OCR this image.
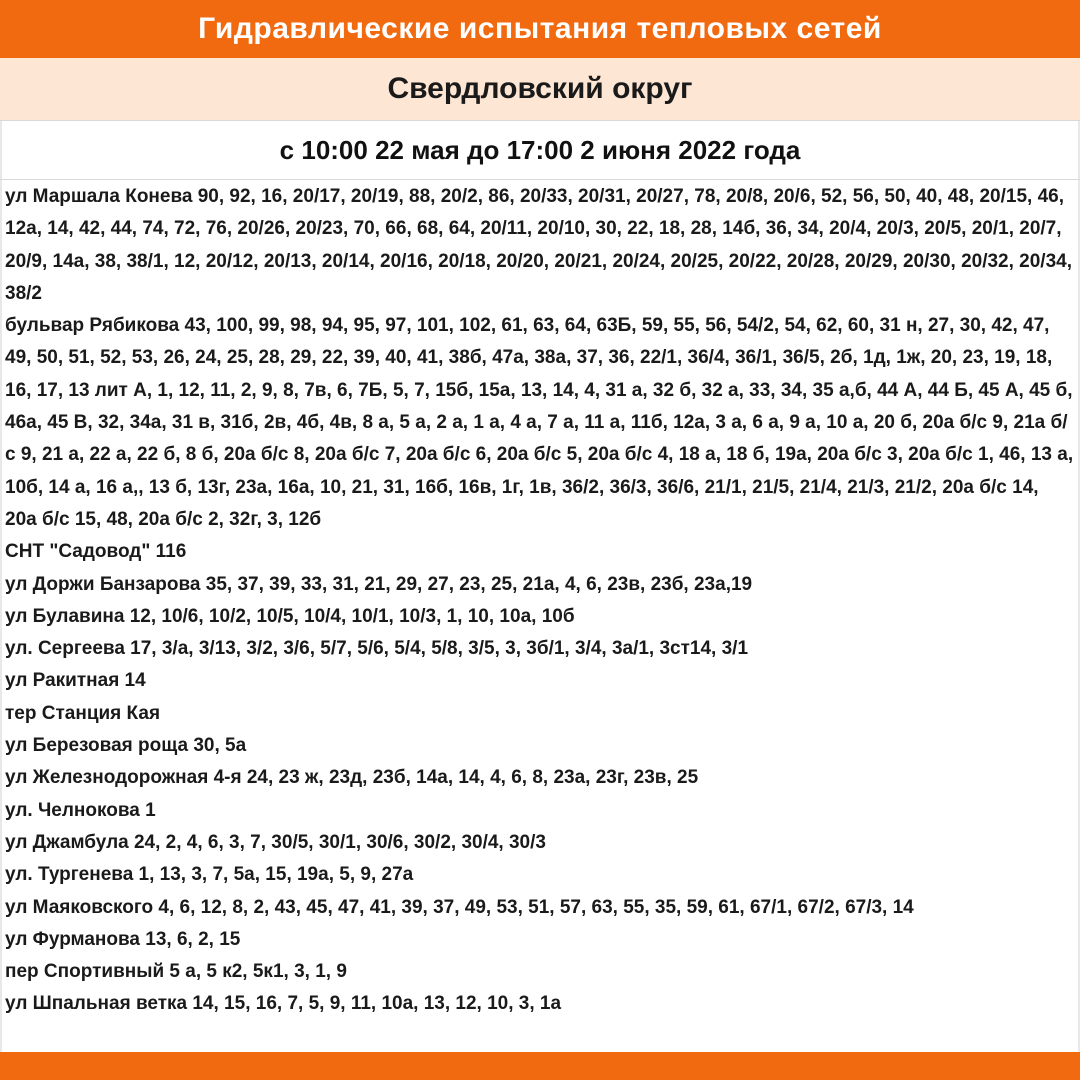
Гидравлические испытания тепловых сетей
Свердловский округ
с 10:00 22 мая до 17:00 2 июня 2022 года
ул Маршала Конева 90, 92, 16, 20/17, 20/19, 88, 20/2, 86, 20/33, 20/31, 20/27, 78, 20/8, 20/6, 52, 56, 50, 40, 48, 20/15, 46, 12а, 14, 42, 44, 74, 72, 76, 20/26, 20/23, 70, 66, 68, 64, 20/11, 20/10, 30, 22, 18, 28, 14б, 36, 34, 20/4, 20/3, 20/5, 20/1, 20/7, 20/9, 14а, 38, 38/1, 12, 20/12, 20/13, 20/14, 20/16, 20/18, 20/20, 20/21, 20/24, 20/25, 20/22, 20/28, 20/29, 20/30, 20/32, 20/34, 38/2
бульвар Рябикова 43, 100, 99, 98, 94, 95, 97, 101, 102, 61, 63, 64, 63Б, 59, 55, 56, 54/2, 54, 62, 60, 31 н, 27, 30, 42, 47, 49, 50, 51, 52, 53, 26, 24, 25, 28, 29, 22, 39, 40, 41, 38б, 47а, 38а, 37, 36, 22/1, 36/4, 36/1, 36/5, 2б, 1д, 1ж, 20, 23, 19, 18, 16, 17, 13 лит А, 1, 12, 11, 2, 9, 8, 7в, 6, 7Б, 5, 7, 15б, 15а, 13, 14, 4, 31 а, 32 б, 32 а, 33, 34, 35 а,б, 44 А, 44 Б, 45 А, 45 б, 46а, 45 В, 32, 34а, 31 в, 31б, 2в, 4б, 4в, 8 а, 5 а, 2 а, 1 а, 4 а, 7 а, 11 а, 11б, 12а, 3 а, 6 а, 9 а, 10 а, 20 б, 20а б/с 9, 21а б/с 9, 21 а, 22 а, 22 б, 8 б, 20а б/с 8, 20а б/с 7, 20а б/с 6, 20а б/с 5, 20а б/с 4, 18 а, 18 б, 19а, 20а б/с 3, 20а б/с 1, 46, 13 а, 10б, 14 а, 16 а,, 13 б, 13г, 23а, 16а, 10, 21, 31, 16б, 16в, 1г, 1в, 36/2, 36/3, 36/6, 21/1, 21/5, 21/4, 21/3, 21/2, 20а б/с 14, 20а б/с 15, 48, 20а б/с 2, 32г, 3, 12б
СНТ "Садовод" 116
ул Доржи Банзарова 35, 37, 39, 33, 31, 21, 29, 27, 23, 25, 21а, 4, 6, 23в, 23б, 23а,19
ул Булавина 12, 10/6, 10/2, 10/5, 10/4, 10/1, 10/3, 1, 10, 10а, 10б
ул. Сергеева 17, 3/а, 3/13, 3/2, 3/6, 5/7, 5/6, 5/4, 5/8, 3/5, 3, 3б/1, 3/4, 3а/1, 3ст14, 3/1
ул Ракитная 14
тер Станция Кая
ул Березовая роща 30, 5а
ул Железнодорожная 4-я 24, 23 ж, 23д, 23б, 14а, 14, 4, 6, 8, 23а, 23г, 23в, 25
ул. Челнокова 1
ул Джамбула 24, 2, 4, 6, 3, 7, 30/5, 30/1, 30/6, 30/2, 30/4, 30/3
ул. Тургенева 1, 13, 3, 7, 5а, 15, 19а, 5, 9, 27а
ул Маяковского 4, 6, 12, 8, 2, 43, 45, 47, 41, 39, 37, 49, 53, 51, 57, 63, 55, 35, 59, 61, 67/1, 67/2, 67/3, 14
ул Фурманова 13, 6, 2, 15
пер Спортивный 5 а, 5 к2, 5к1, 3, 1, 9
ул Шпальная ветка 14, 15, 16, 7, 5, 9, 11, 10а, 13, 12, 10, 3, 1а
